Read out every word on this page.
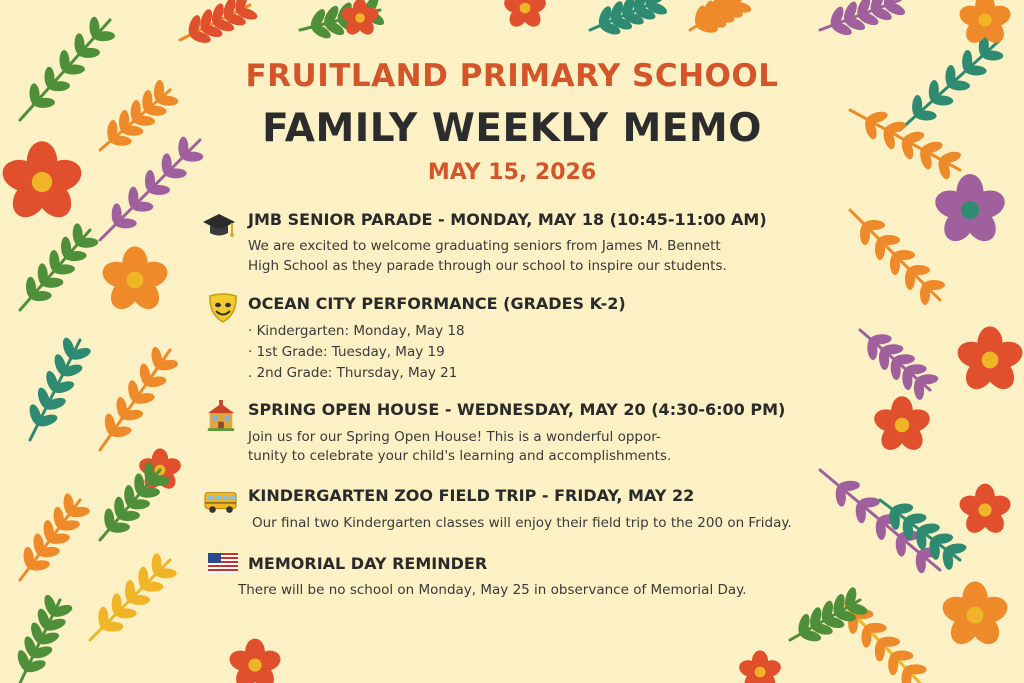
FRUITLAND PRIMARY SCHOOL
FAMILY WEEKLY MEMO
MAY 15, 2026
JMB SENIOR PARADE - MONDAY, MAY 18 (10:45-11:00 AM)
We are excited to welcome graduating seniors from James M. Bennett
High School as they parade through our school to inspire our students.
OCEAN CITY PERFORMANCE (GRADES K-2)
· Kindergarten: Monday, May 18
· 1st Grade: Tuesday, May 19
. 2nd Grade: Thursday, May 21
SPRING OPEN HOUSE - WEDNESDAY, MAY 20 (4:30-6:00 PM)
Join us for our Spring Open House! This is a wonderful oppor-
tunity to celebrate your child's learning and accomplishments.
KINDERGARTEN ZOO FIELD TRIP - FRIDAY, MAY 22
Our final two Kindergarten classes will enjoy their field trip to the 200 on Friday.
MEMORIAL DAY REMINDER
There will be no school on Monday, May 25 in observance of Memorial Day.
